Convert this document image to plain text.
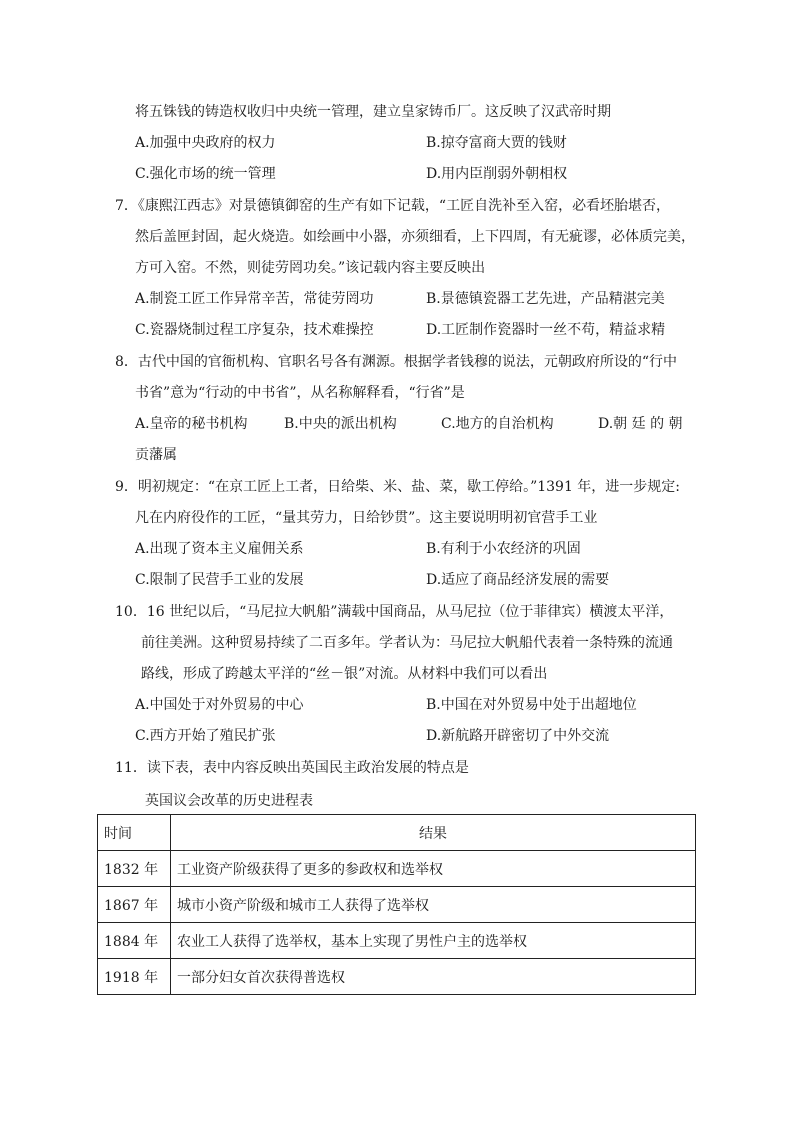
将五铢钱的铸造权收归中央统一管理，建立皇家铸币厂。这反映了汉武帝时期
A.加强中央政府的权力	B.掠夺富商大贾的钱财
C.强化市场的统一管理	D.用内臣削弱外朝相权
7．《康熙江西志》对景德镇御窑的生产有如下记载，“工匠自洗补至入窑，必看坯胎堪否，
然后盖匣封固，起火烧造。如绘画中小器，亦须细看，上下四周，有无疵谬，必体质完美，
方可入窑。不然，则徒劳罔功矣。”该记载内容主要反映出
A.制瓷工匠工作异常辛苦，常徒劳罔功	B.景德镇瓷器工艺先进，产品精湛完美
C.瓷器烧制过程工序复杂，技术难操控	D.工匠制作瓷器时一丝不苟，精益求精
8．古代中国的官衙机构、官职名号各有渊源。根据学者钱穆的说法，元朝政府所设的“行中
书省”意为“行动的中书省”，从名称解释看，“行省”是
A.皇帝的秘书机构	B.中央的派出机构	C.地方的自治机构	D.朝 廷 的 朝
贡藩属
9．明初规定：“在京工匠上工者，日给柴、米、盐、菜，歇工停给。”1391 年，进一步规定:
凡在内府役作的工匠，“量其劳力，日给钞贯”。这主要说明明初官营手工业
A.出现了资本主义雇佣关系	B.有利于小农经济的巩固
C.限制了民营手工业的发展	D.适应了商品经济发展的需要
10．16 世纪以后，“马尼拉大帆船”满载中国商品，从马尼拉（位于菲律宾）横渡太平洋，
前往美洲。这种贸易持续了二百多年。学者认为：马尼拉大帆船代表着一条特殊的流通
路线，形成了跨越太平洋的“丝－银”对流。从材料中我们可以看出
A.中国处于对外贸易的中心	B.中国在对外贸易中处于出超地位
C.西方开始了殖民扩张	D.新航路开辟密切了中外交流
11．读下表，表中内容反映出英国民主政治发展的特点是
英国议会改革的历史进程表
时间	结果
1832 年	工业资产阶级获得了更多的参政权和选举权
1867 年	城市小资产阶级和城市工人获得了选举权
1884 年	农业工人获得了选举权，基本上实现了男性户主的选举权
1918 年	一部分妇女首次获得普选权
